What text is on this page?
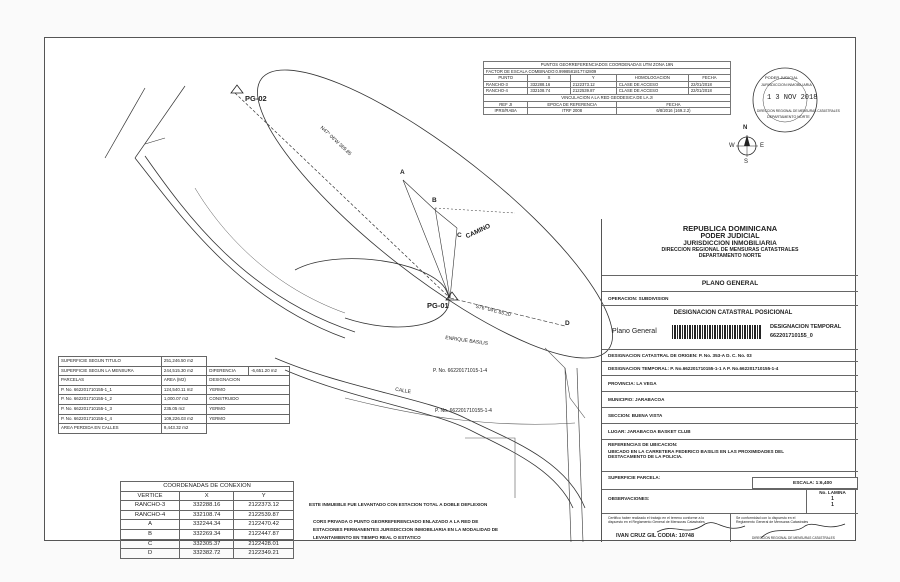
PG-02
PG-01
A
B
C
D
CAMINO
CALLE
P. No. 66220171015-1-4
P. No. 662201710155-1-4
ENRIQUE BASILIS
N47° 06'W 369.85
S76° 04'E 85.20
N
S
W	E
PODER JUDICIAL
JURISDICCION INMOBILIARIA
1 3 NOV 2018
DIRECCION REGIONAL DE MENSURAS CATASTRALES
DEPARTAMENTO NORTE
PUNTOS GEORREFERENCIADOS COORDENADAS UTM ZONA 19N				
FACTOR DE ESCALA COMBINADO:0.9998581817742809				
PUNTO	X	Y	HOMOLOGACION	FECHA
RANCHO-3	332288.16	2122373.12	CLASE DE ACCESO	22/01/2018
RANCHO-4	332108.74	2122539.87	CLASE DE ACCESO	22/01/2018
VINCULACION A LA RED GEODESICA DE LA JI				
REF JI	EPOCA DE REFERENCIA		FECHA	
IPRS/RABA	ITRF 2008		6/8/2016 (169.2.2)	
SUPERFICIE SEGUN TITULO	251,246.50 m2		
SUPERFICIE SEGUN LA MENSURA	244,515.30 m2	DIFERENCIA	-6,651.20 m2
PARCELAS	AREA (M2)	DESIGNACION	
P. No. 662201710155-1_1	124,540.11 m2	YERMO	
P. No. 662201710155-1_2	1,000.07 m2	CONSTRUIDO	
P. No. 662201710155-1_3	235.05 m2	YERMO	
P. No. 662201710155-1_4	109,226.03 m2	YERMO	
AREA PERDIDA EN CALLES	9,443.32 m2		
COORDENADAS DE CONEXION		
VERTICE	X	Y
RANCHO-3	332288.16	2122373.12
RANCHO-4	332108.74	2122539.87
A	332244.34	2122470.42
B	332269.34	2122447.87
C	332305.37	2122428.01
D	332382.72	2122349.21
ESTE INMUEBLE FUE LEVANTADO CON ESTACION TOTAL A DOBLE DEFLEXION
CORS PRIVADA O PUNTO GEORREFERENCIADO ENLAZADO A LA RED DE
ESTACIONES PERMANENTES JURISDICCION INMOBILIARIA EN LA MODALIDAD DE
LEVANTAMIENTO EN TIEMPO REAL O ESTATICO
REPUBLICA DOMINICANA
PODER JUDICIAL
JURISDICCION INMOBILIARIA
DIRECCION REGIONAL DE MENSURAS CATASTRALES
DEPARTAMENTO NORTE
PLANO GENERAL
OPERACION: SUBDIVISION
DESIGNACION CATASTRAL POSICIONAL
Plano General
DESIGNACION TEMPORAL
662201710155_0
DESIGNACION CATASTRAL DE ORIGEN: P. No. 353-A D. C. No. 03
DESIGNACION TEMPORAL: P. No.662201710155-1-1 A P. No.662201710155-1-4
PROVINCIA: LA VEGA
MUNICIPIO: JARABACOA
SECCION: BUENA VISTA
LUGAR: JARABACOA BASKET CLUB
REFERENCIAS DE UBICACION:
UBICADO EN LA CARRETERA FEDERICO BASILIS EN LAS PROXIMIDADES DEL
DESTACAMENTO DE LA POLICIA.
SUPERFICIE PARCELA:
ESCALA: 1:6,400
OBSERVACIONES:
No. LAMINA
1
1
Certifico haber realizado el trabajo en el terreno conforme a lo
dispuesto en el Reglamento General de Mensuras Catastrales
Se conformidad con lo dispuesto en el
Reglamento General de Mensuras Catastrales
IVAN CRUZ GIL CODIA: 10748	DIRECCION REGIONAL DE MENSURAS CATASTRALES
